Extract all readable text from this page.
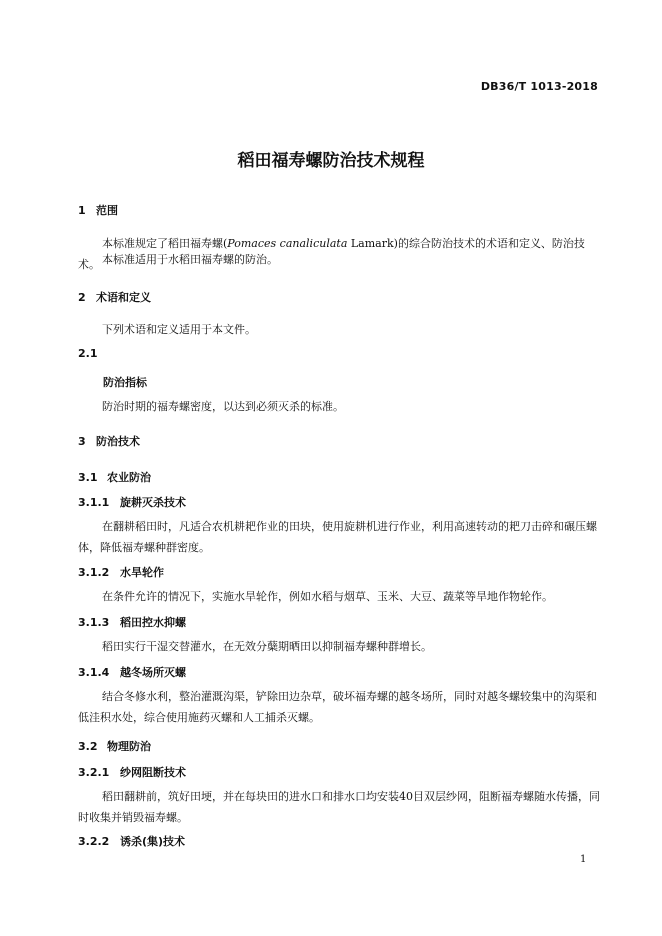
DB36/T 1013-2018
稻田福寿螺防治技术规程
1 范围
本标准规定了稻田福寿螺(Pomaces canaliculata Lamark)的综合防治技术的术语和定义、防治技术。 本标准适用于水稻田福寿螺的防治。
2 术语和定义
下列术语和定义适用于本文件。
2.1
防治指标
防治时期的福寿螺密度，以达到必须灭杀的标准。
3 防治技术
3.1 农业防治
3.1.1 旋耕灭杀技术
在翻耕稻田时，凡适合农机耕耙作业的田块，使用旋耕机进行作业，利用高速转动的耙刀击碎和碾压螺体，降低福寿螺种群密度。
3.1.2 水旱轮作
在条件允许的情况下，实施水旱轮作，例如水稻与烟草、玉米、大豆、蔬菜等旱地作物轮作。
3.1.3 稻田控水抑螺
稻田实行干湿交替灌水，在无效分蘖期晒田以抑制福寿螺种群增长。
3.1.4 越冬场所灭螺
结合冬修水利，整治灌溉沟渠，铲除田边杂草，破坏福寿螺的越冬场所，同时对越冬螺较集中的沟渠和低洼积水处，综合使用施药灭螺和人工捕杀灭螺。
3.2 物理防治
3.2.1 纱网阻断技术
稻田翻耕前，筑好田埂，并在每块田的进水口和排水口均安装40目双层纱网，阻断福寿螺随水传播，同时收集并销毁福寿螺。
3.2.2 诱杀(集)技术
1
